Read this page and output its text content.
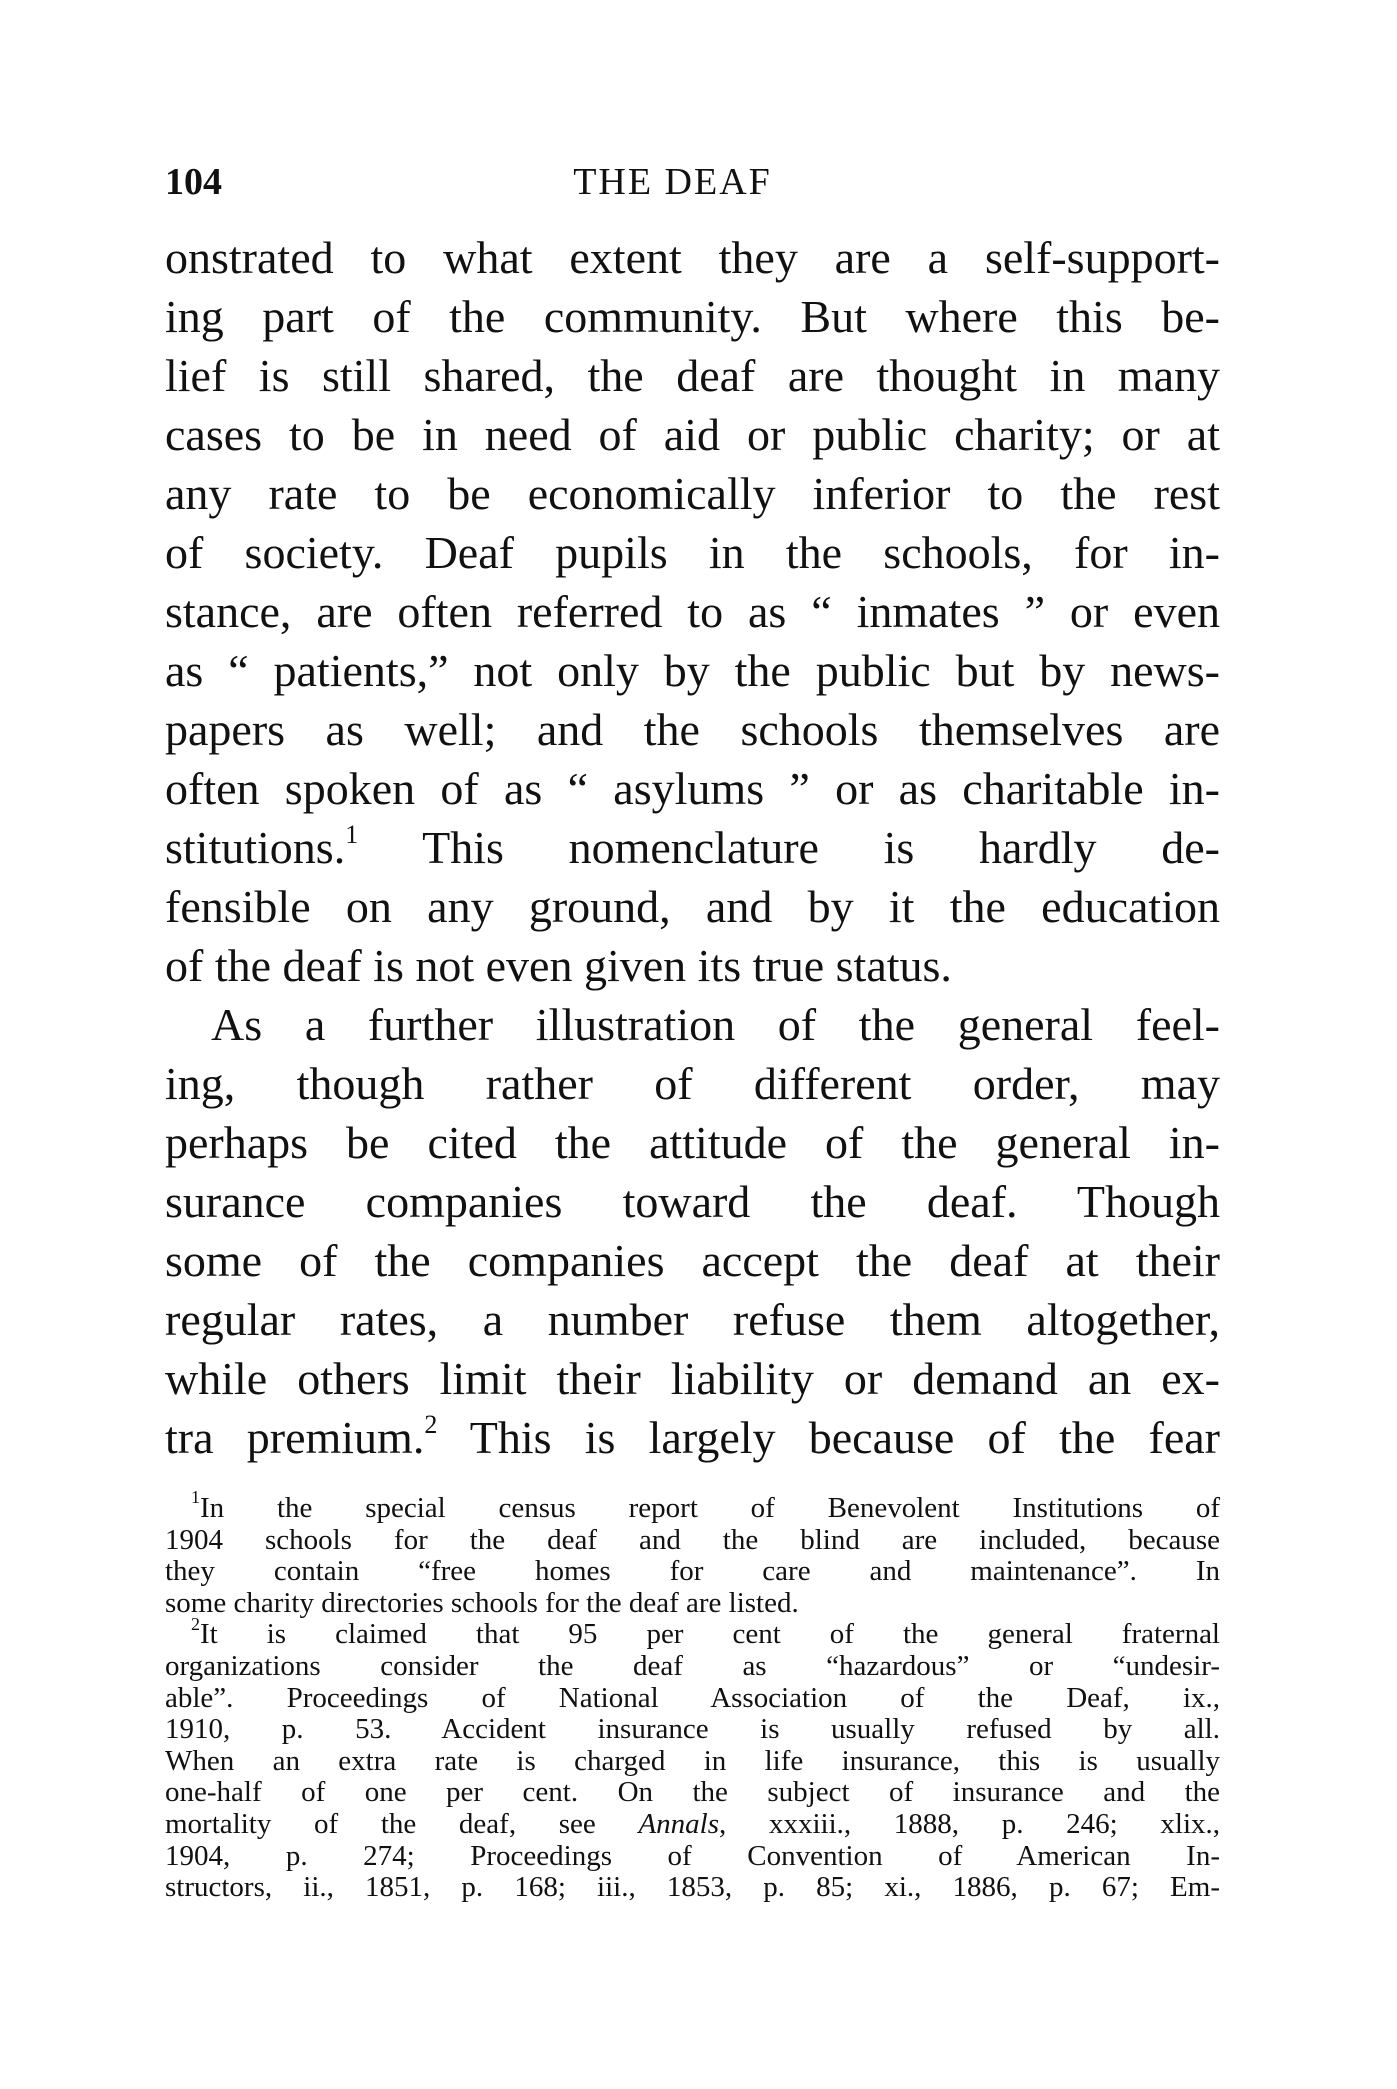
104	THE DEAF
onstrated to what extent they are a self-support-
ing part of the community. But where this be-
lief is still shared, the deaf are thought in many
cases to be in need of aid or public charity; or at
any rate to be economically inferior to the rest
of society. Deaf pupils in the schools, for in-
stance, are often referred to as “ inmates ” or even
as “ patients,” not only by the public but by news-
papers as well; and the schools themselves are
often spoken of as “ asylums ” or as charitable in-
stitutions.$^1$ This nomenclature is hardly de-
fensible on any ground, and by it the education
of the deaf is not even given its true status.
As a further illustration of the general feel-
ing, though rather of different order, may
perhaps be cited the attitude of the general in-
surance companies toward the deaf. Though
some of the companies accept the deaf at their
regular rates, a number refuse them altogether,
while others limit their liability or demand an ex-
tra premium.$^2$ This is largely because of the fear
$^1$In the special census report of Benevolent Institutions of
1904 schools for the deaf and the blind are included, because
they contain “free homes for care and maintenance”. In
some charity directories schools for the deaf are listed.
$^2$It is claimed that 95 per cent of the general fraternal
organizations consider the deaf as “hazardous” or “undesir-
able”. Proceedings of National Association of the Deaf, ix.,
1910, p. 53. Accident insurance is usually refused by all.
When an extra rate is charged in life insurance, this is usually
one-half of one per cent. On the subject of insurance and the
mortality of the deaf, see Annals, xxxiii., 1888, p. 246; xlix.,
1904, p. 274; Proceedings of Convention of American In-
structors, ii., 1851, p. 168; iii., 1853, p. 85; xi., 1886, p. 67; Em-
